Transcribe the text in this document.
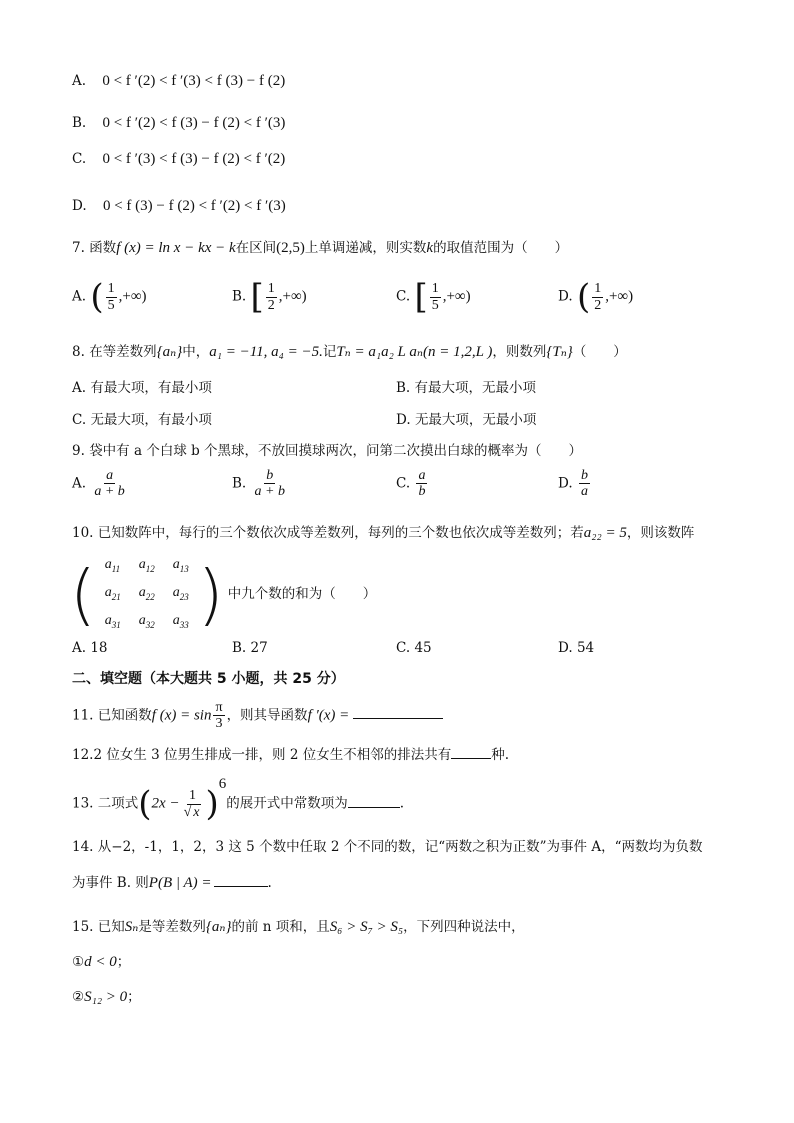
A. 0 < f ′(2) < f ′(3) < f (3) − f (2)
B. 0 < f ′(2) < f (3) − f (2) < f ′(3)
C. 0 < f ′(3) < f (3) − f (2) < f ′(2)
D. 0 < f (3) − f (2) < f ′(2) < f ′(3)
7. 函数f (x) = ln x − kx − k在区间(2,5)上单调递减，则实数k的取值范围为（　　）
A. ( $\frac{1}{5}$ ,+∞)	B. [ $\frac{1}{2}$ ,+∞)	C. [ $\frac{1}{5}$ ,+∞)	D. ( $\frac{1}{2}$ ,+∞)
8. 在等差数列{aₙ}中，a₁ = −11, a₄ = −5.记Tₙ = a₁a₂ L aₙ(n = 1,2,L )，则数列{Tₙ}（　　）
A. 有最大项，有最小项	B. 有最大项，无最小项
C. 无最大项，有最小项	D. 无最大项，无最小项
9. 袋中有 a 个白球 b 个黑球，不放回摸球两次，问第二次摸出白球的概率为（　　）
A. $\frac{a}{a + b}$	B. $\frac{b}{a + b}$	C. $\frac{a}{b}$	D. $\frac{b}{a}$
10. 已知数阵中，每行的三个数依次成等差数列，每列的三个数也依次成等差数列；若a₂₂ = 5，则该数阵
( $a_{11}$	$a_{12}$	$a_{13}$
$a_{21}$	$a_{22}$	$a_{23}$
$a_{31}$	$a_{32}$	$a_{33}$ ) 中九个数的和为（　　）
A. 18	B. 27	C. 45	D. 54
二、填空题（本大题共 5 小题，共 25 分）
11. 已知函数f $(x) = \sin \frac{\pi}{3}$ ，则其导函数f ′(x) =
12.2 位女生 3 位男生排成一排，则 2 位女生不相邻的排法共有	种.
13. 二项式$(2x - \frac{1}{√ x} )^6$的展开式中常数项为	.
14. 从−2，-1，1，2，3 这 5 个数中任取 2 个不同的数，记“两数之积为正数”为事件 A，“两数均为负数
为事件 B. 则P(B | A) =	.
15. 已知Sₙ是等差数列{aₙ}的前 n 项和，且S₆ > S₇ > S₅，下列四种说法中，
①d < 0；
②S₁₂ > 0；
